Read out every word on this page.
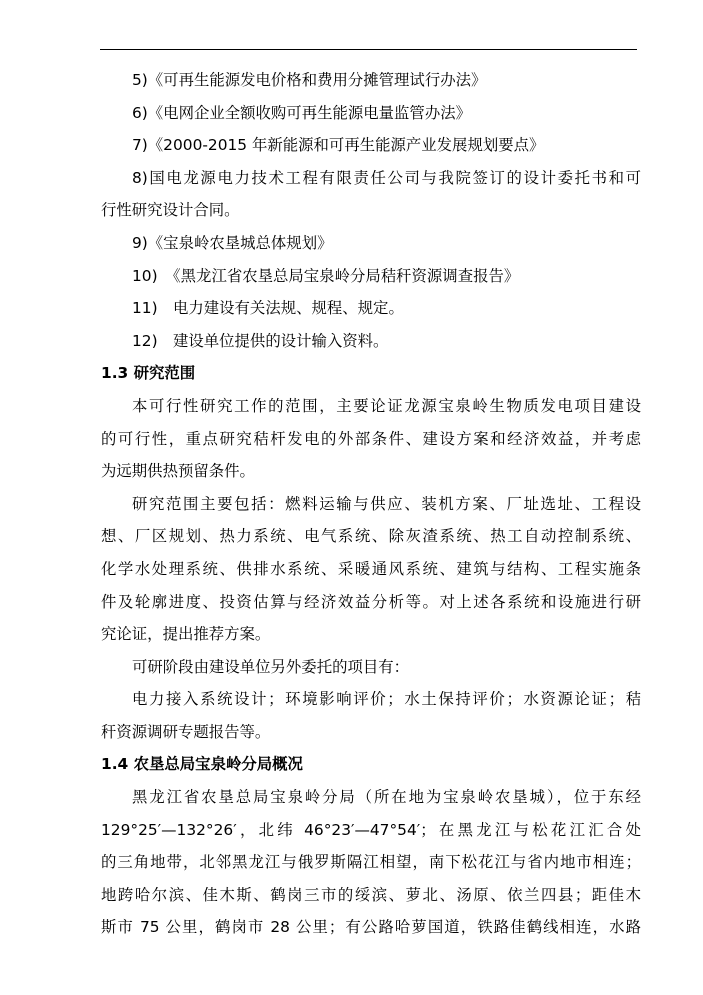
5)《可再生能源发电价格和费用分摊管理试行办法》
6)《电网企业全额收购可再生能源电量监管办法》
7)《2000-2015 年新能源和可再生能源产业发展规划要点》
8)国电龙源电力技术工程有限责任公司与我院签订的设计委托书和可
行性研究设计合同。
9)《宝泉岭农垦城总体规划》
10)　《黑龙江省农垦总局宝泉岭分局秸秆资源调查报告》
11)　电力建设有关法规、规程、规定。
12)　建设单位提供的设计输入资料。
1.3 研究范围
本可行性研究工作的范围，主要论证龙源宝泉岭生物质发电项目建设
的可行性，重点研究秸杆发电的外部条件、建设方案和经济效益，并考虑
为远期供热预留条件。
研究范围主要包括：燃料运输与供应、装机方案、厂址选址、工程设
想、厂区规划、热力系统、电气系统、除灰渣系统、热工自动控制系统、
化学水处理系统、供排水系统、采暖通风系统、建筑与结构、工程实施条
件及轮廓进度、投资估算与经济效益分析等。对上述各系统和设施进行研
究论证，提出推荐方案。
可研阶段由建设单位另外委托的项目有：
电力接入系统设计；环境影响评价；水土保持评价；水资源论证；秸
秆资源调研专题报告等。
1.4 农垦总局宝泉岭分局概况
黑龙江省农垦总局宝泉岭分局（所在地为宝泉岭农垦城），位于东经
129°25′—132°26′，北纬 46°23′—47°54′；在黑龙江与松花江汇合处
的三角地带，北邻黑龙江与俄罗斯隔江相望，南下松花江与省内地市相连；
地跨哈尔滨、佳木斯、鹤岗三市的绥滨、萝北、汤原、依兰四县；距佳木
斯市 75 公里，鹤岗市 28 公里；有公路哈萝国道，铁路佳鹤线相连，水路
